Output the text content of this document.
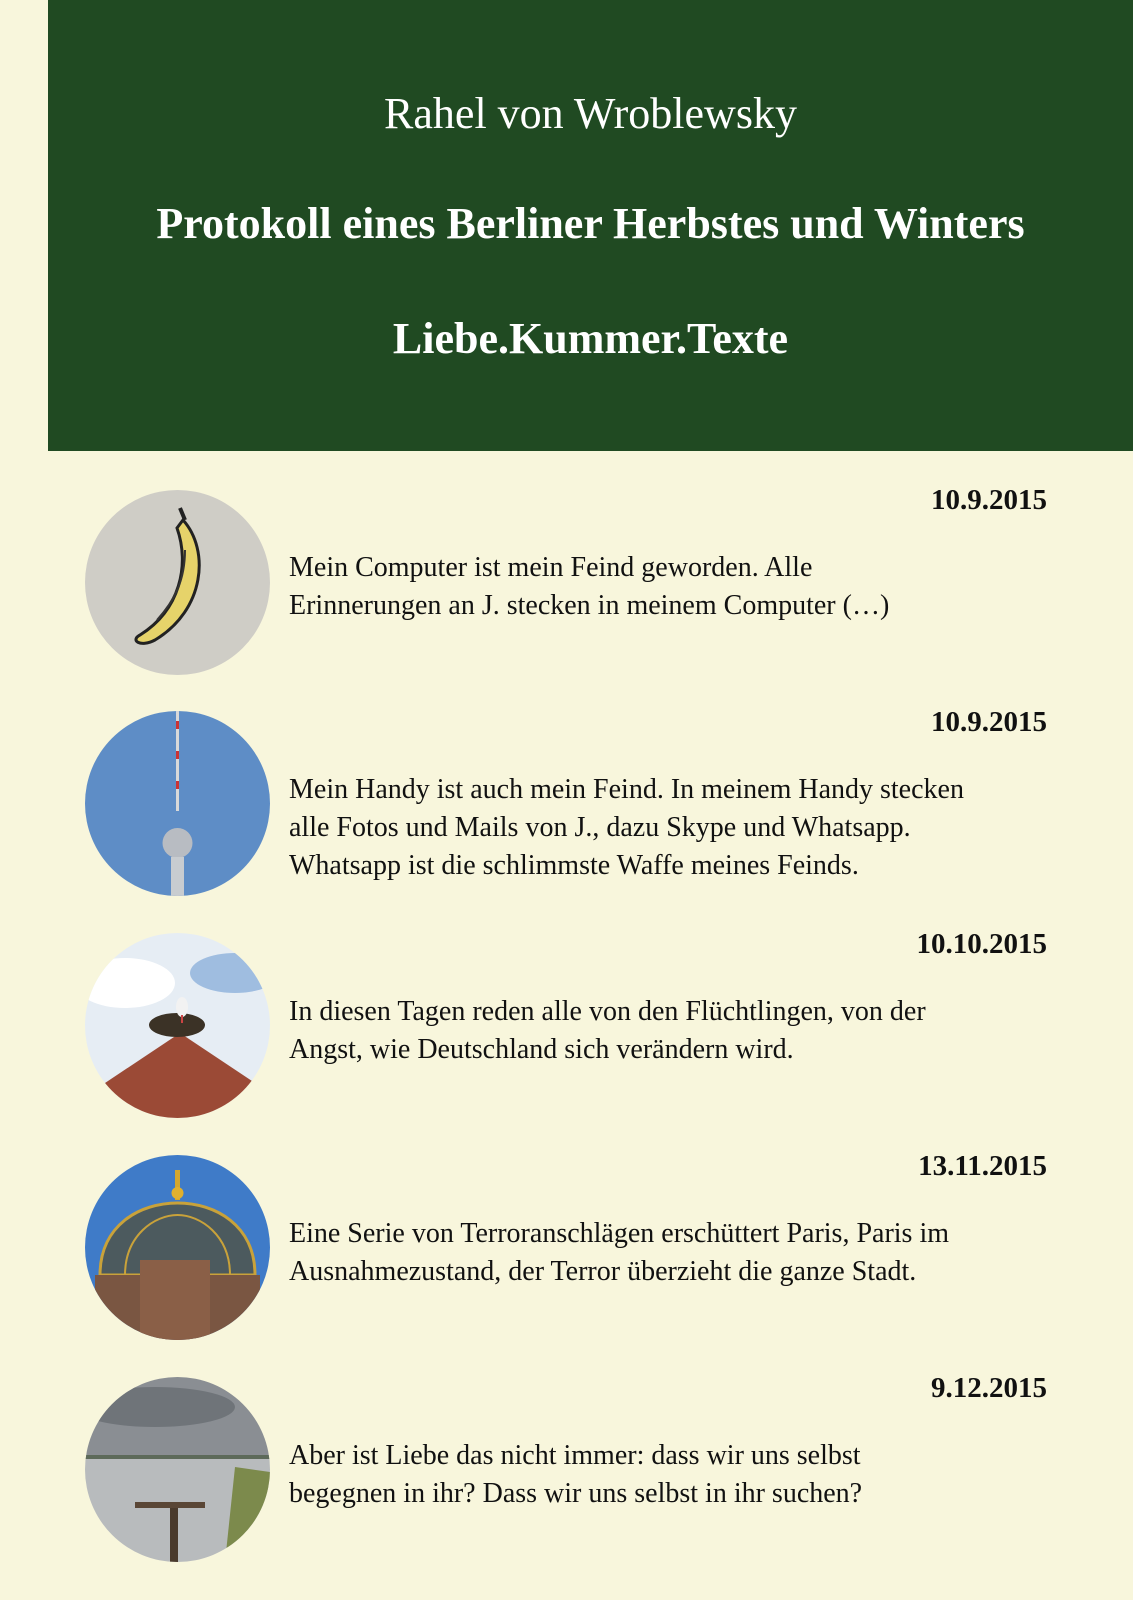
Rahel von Wroblewsky
Protokoll eines Berliner Herbstes und Winters
Liebe.Kummer.Texte
10.9.2015
Mein Computer ist mein Feind geworden. Alle
Erinnerungen an J. stecken in meinem Computer (…)
10.9.2015
Mein Handy ist auch mein Feind. In meinem Handy stecken
alle Fotos und Mails von J., dazu Skype und Whatsapp.
Whatsapp ist die schlimmste Waffe meines Feinds.
10.10.2015
In diesen Tagen reden alle von den Flüchtlingen, von der
Angst, wie Deutschland sich verändern wird.
13.11.2015
Eine Serie von Terroranschlägen erschüttert Paris, Paris im
Ausnahmezustand, der Terror überzieht die ganze Stadt.
9.12.2015
Aber ist Liebe das nicht immer: dass wir uns selbst
begegnen in ihr? Dass wir uns selbst in ihr suchen?
